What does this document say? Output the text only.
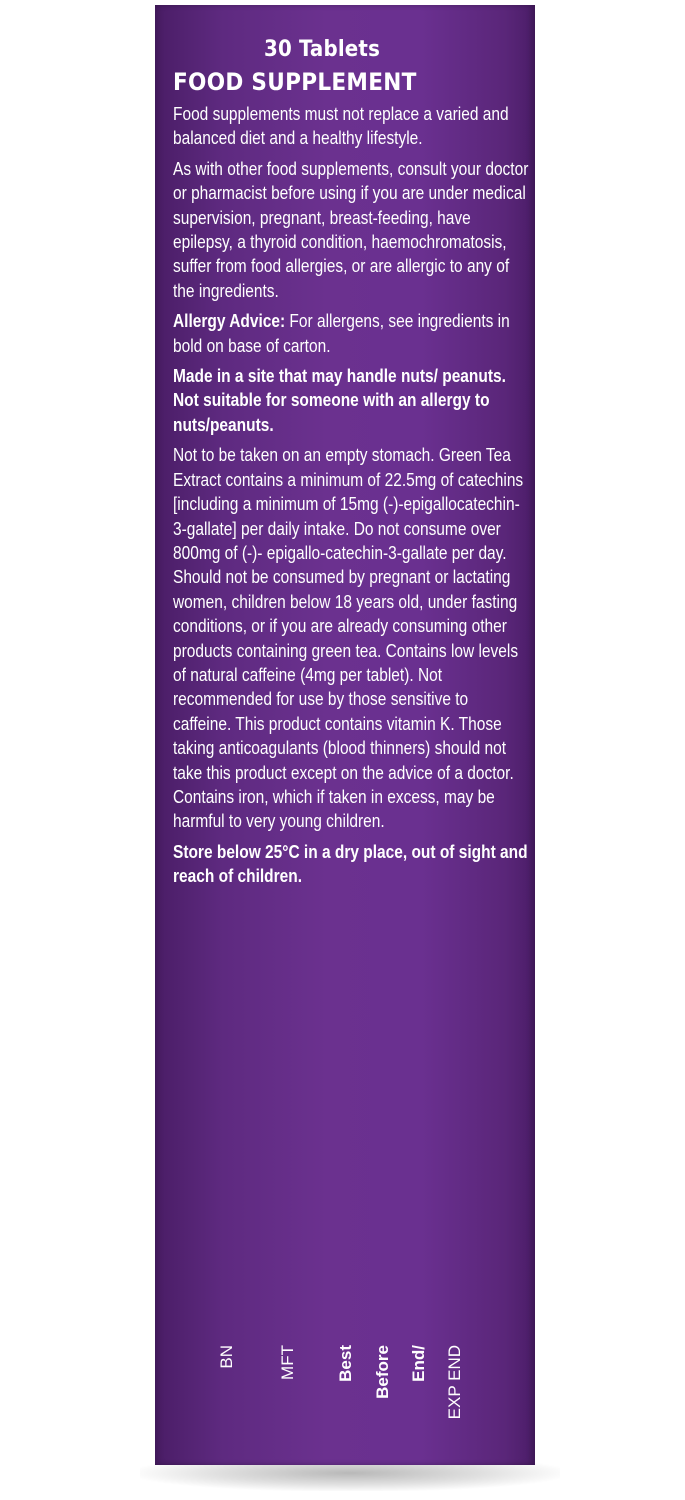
30 Tablets
FOOD SUPPLEMENT

Food supplements must not replace a varied and balanced diet and a healthy lifestyle.

As with other food supplements, consult your doctor or pharmacist before using if you are under medical supervision, pregnant, breast-feeding, have epilepsy, a thyroid condition, haemochromatosis, suffer from food allergies, or are allergic to any of the ingredients.

Allergy Advice: For allergens, see ingredients in bold on base of carton.

Made in a site that may handle nuts/ peanuts. Not suitable for someone with an allergy to nuts/peanuts.

Not to be taken on an empty stomach. Green Tea Extract contains a minimum of 22.5mg of catechins [including a minimum of 15mg (-)-epigallocatechin-3-gallate] per daily intake. Do not consume over 800mg of (-)- epigallo-catechin-3-gallate per day. Should not be consumed by pregnant or lactating women, children below 18 years old, under fasting conditions, or if you are already consuming other products containing green tea. Contains low levels of natural caffeine (4mg per tablet). Not recommended for use by those sensitive to caffeine. This product contains vitamin K. Those taking anticoagulants (blood thinners) should not take this product except on the advice of a doctor. Contains iron, which if taken in excess, may be harmful to very young children.

Store below 25°C in a dry place, out of sight and reach of children.

BN MFT Best Before End/ EXP END
